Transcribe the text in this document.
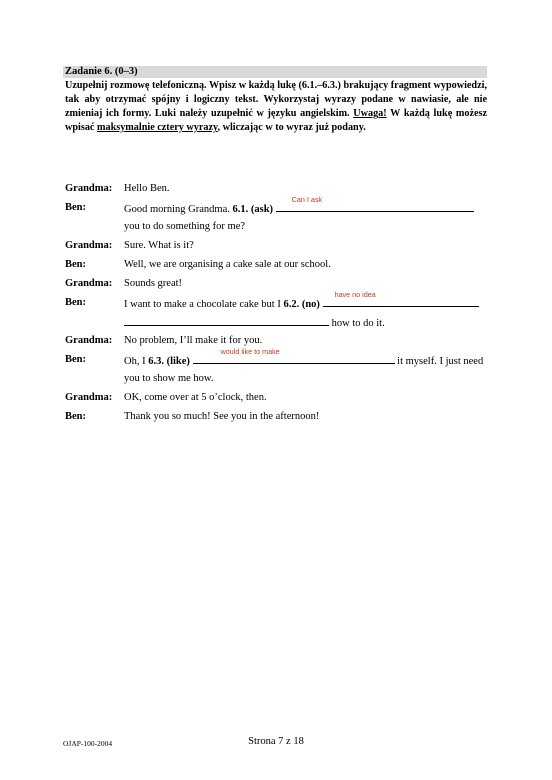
Zadanie 6. (0–3)
Uzupełnij rozmowę telefoniczną. Wpisz w każdą lukę (6.1.–6.3.) brakujący fragment wypowiedzi, tak aby otrzymać spójny i logiczny tekst. Wykorzystaj wyrazy podane w nawiasie, ale nie zmieniaj ich formy. Luki należy uzupełnić w języku angielskim. Uwaga! W każdą lukę możesz wpisać maksymalnie cztery wyrazy, wliczając w to wyraz już podany.
Grandma: Hello Ben.
Ben:	Good morning Grandma. 6.1. (ask)
Can I ask
you to do something for me?
Grandma: Sure. What is it?
Ben:	Well, we are organising a cake sale at our school.
Grandma: Sounds great!
Ben:	I want to make a chocolate cake but I 6.2. (no)
have no idea
how to do it.
Grandma: No problem, I’ll make it for you.
Ben:	Oh, I 6.3. (like)
would like to make
it myself. I just need
you to show me how.
Grandma: OK, come over at 5 o’clock, then.
Ben:	Thank you so much! See you in the afternoon!
OJAP-100-2004	Strona 7 z 18
